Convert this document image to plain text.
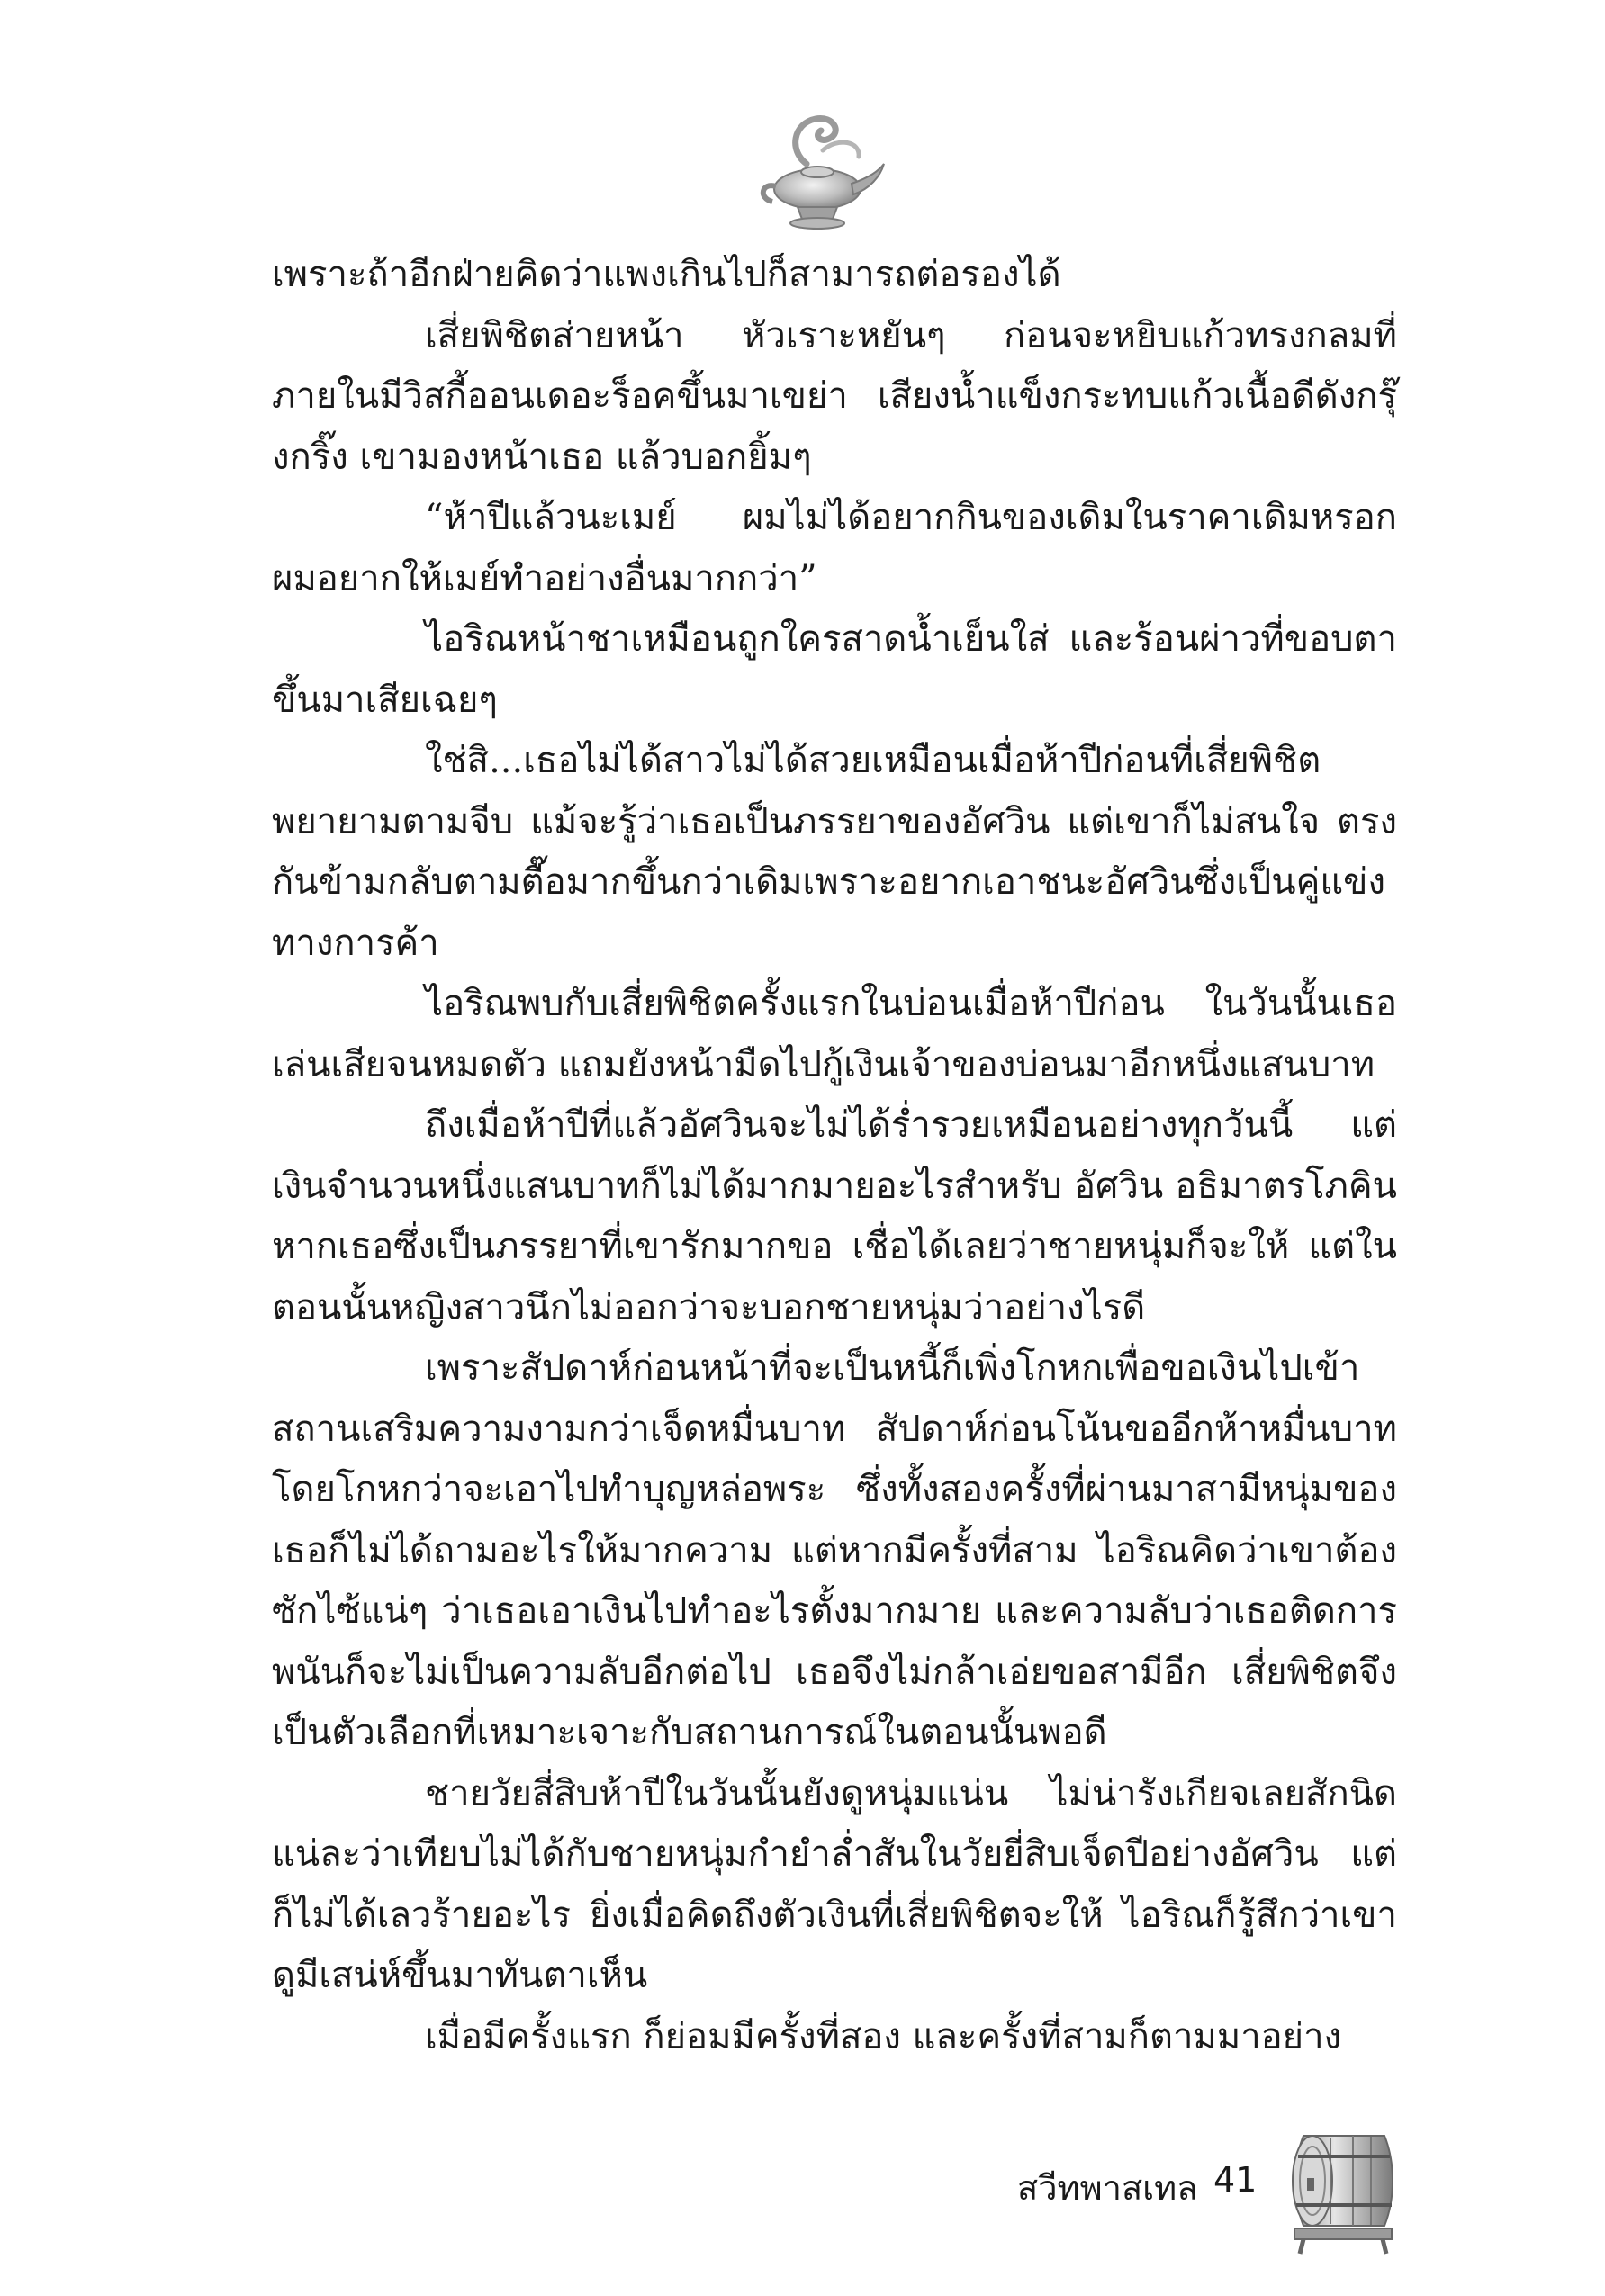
เพราะถ้าอีกฝ่ายคิดว่าแพงเกินไปก็สามารถต่อรองได้

เสี่ยพิชิตส่ายหน้า หัวเราะหยันๆ ก่อนจะหยิบแก้วทรงกลมที่ภายในมีวิสกี้ออนเดอะร็อคขึ้นมาเขย่า เสียงน้ำแข็งกระทบแก้วเนื้อดีดังกรุ๊งกริ๊ง เขามองหน้าเธอ แล้วบอกยิ้มๆ

“ห้าปีแล้วนะเมย์ ผมไม่ได้อยากกินของเดิมในราคาเดิมหรอก ผมอยากให้เมย์ทำอย่างอื่นมากกว่า”

ไอริณหน้าชาเหมือนถูกใครสาดน้ำเย็นใส่ และร้อนผ่าวที่ขอบตาขึ้นมาเสียเฉยๆ

ใช่สิ...เธอไม่ได้สาวไม่ได้สวยเหมือนเมื่อห้าปีก่อนที่เสี่ยพิชิตพยายามตามจีบ แม้จะรู้ว่าเธอเป็นภรรยาของอัศวิน แต่เขาก็ไม่สนใจ ตรงกันข้ามกลับตามตื๊อมากขึ้นกว่าเดิมเพราะอยากเอาชนะอัศวินซึ่งเป็นคู่แข่งทางการค้า

ไอริณพบกับเสี่ยพิชิตครั้งแรกในบ่อนเมื่อห้าปีก่อน ในวันนั้นเธอเล่นเสียจนหมดตัว แถมยังหน้ามืดไปกู้เงินเจ้าของบ่อนมาอีกหนึ่งแสนบาท

ถึงเมื่อห้าปีที่แล้วอัศวินจะไม่ได้ร่ำรวยเหมือนอย่างทุกวันนี้ แต่เงินจำนวนหนึ่งแสนบาทก็ไม่ได้มากมายอะไรสำหรับ อัศวิน อธิมาตรโภคิน หากเธอซึ่งเป็นภรรยาที่เขารักมากขอ เชื่อได้เลยว่าชายหนุ่มก็จะให้ แต่ในตอนนั้นหญิงสาวนึกไม่ออกว่าจะบอกชายหนุ่มว่าอย่างไรดี

เพราะสัปดาห์ก่อนหน้าที่จะเป็นหนี้ก็เพิ่งโกหกเพื่อขอเงินไปเข้าสถานเสริมความงามกว่าเจ็ดหมื่นบาท สัปดาห์ก่อนโน้นขออีกห้าหมื่นบาทโดยโกหกว่าจะเอาไปทำบุญหล่อพระ ซึ่งทั้งสองครั้งที่ผ่านมาสามีหนุ่มของเธอก็ไม่ได้ถามอะไรให้มากความ แต่หากมีครั้งที่สาม ไอริณคิดว่าเขาต้องซักไซ้แน่ๆ ว่าเธอเอาเงินไปทำอะไรตั้งมากมาย และความลับว่าเธอติดการพนันก็จะไม่เป็นความลับอีกต่อไป เธอจึงไม่กล้าเอ่ยขอสามีอีก เสี่ยพิชิตจึงเป็นตัวเลือกที่เหมาะเจาะกับสถานการณ์ในตอนนั้นพอดี

ชายวัยสี่สิบห้าปีในวันนั้นยังดูหนุ่มแน่น ไม่น่ารังเกียจเลยสักนิด แน่ละว่าเทียบไม่ได้กับชายหนุ่มกำยำล่ำสันในวัยยี่สิบเจ็ดปีอย่างอัศวิน แต่ก็ไม่ได้เลวร้ายอะไร ยิ่งเมื่อคิดถึงตัวเงินที่เสี่ยพิชิตจะให้ ไอริณก็รู้สึกว่าเขาดูมีเสน่ห์ขึ้นมาทันตาเห็น

เมื่อมีครั้งแรก ก็ย่อมมีครั้งที่สอง และครั้งที่สามก็ตามมาอย่าง

สวีทพาสเทล 41
